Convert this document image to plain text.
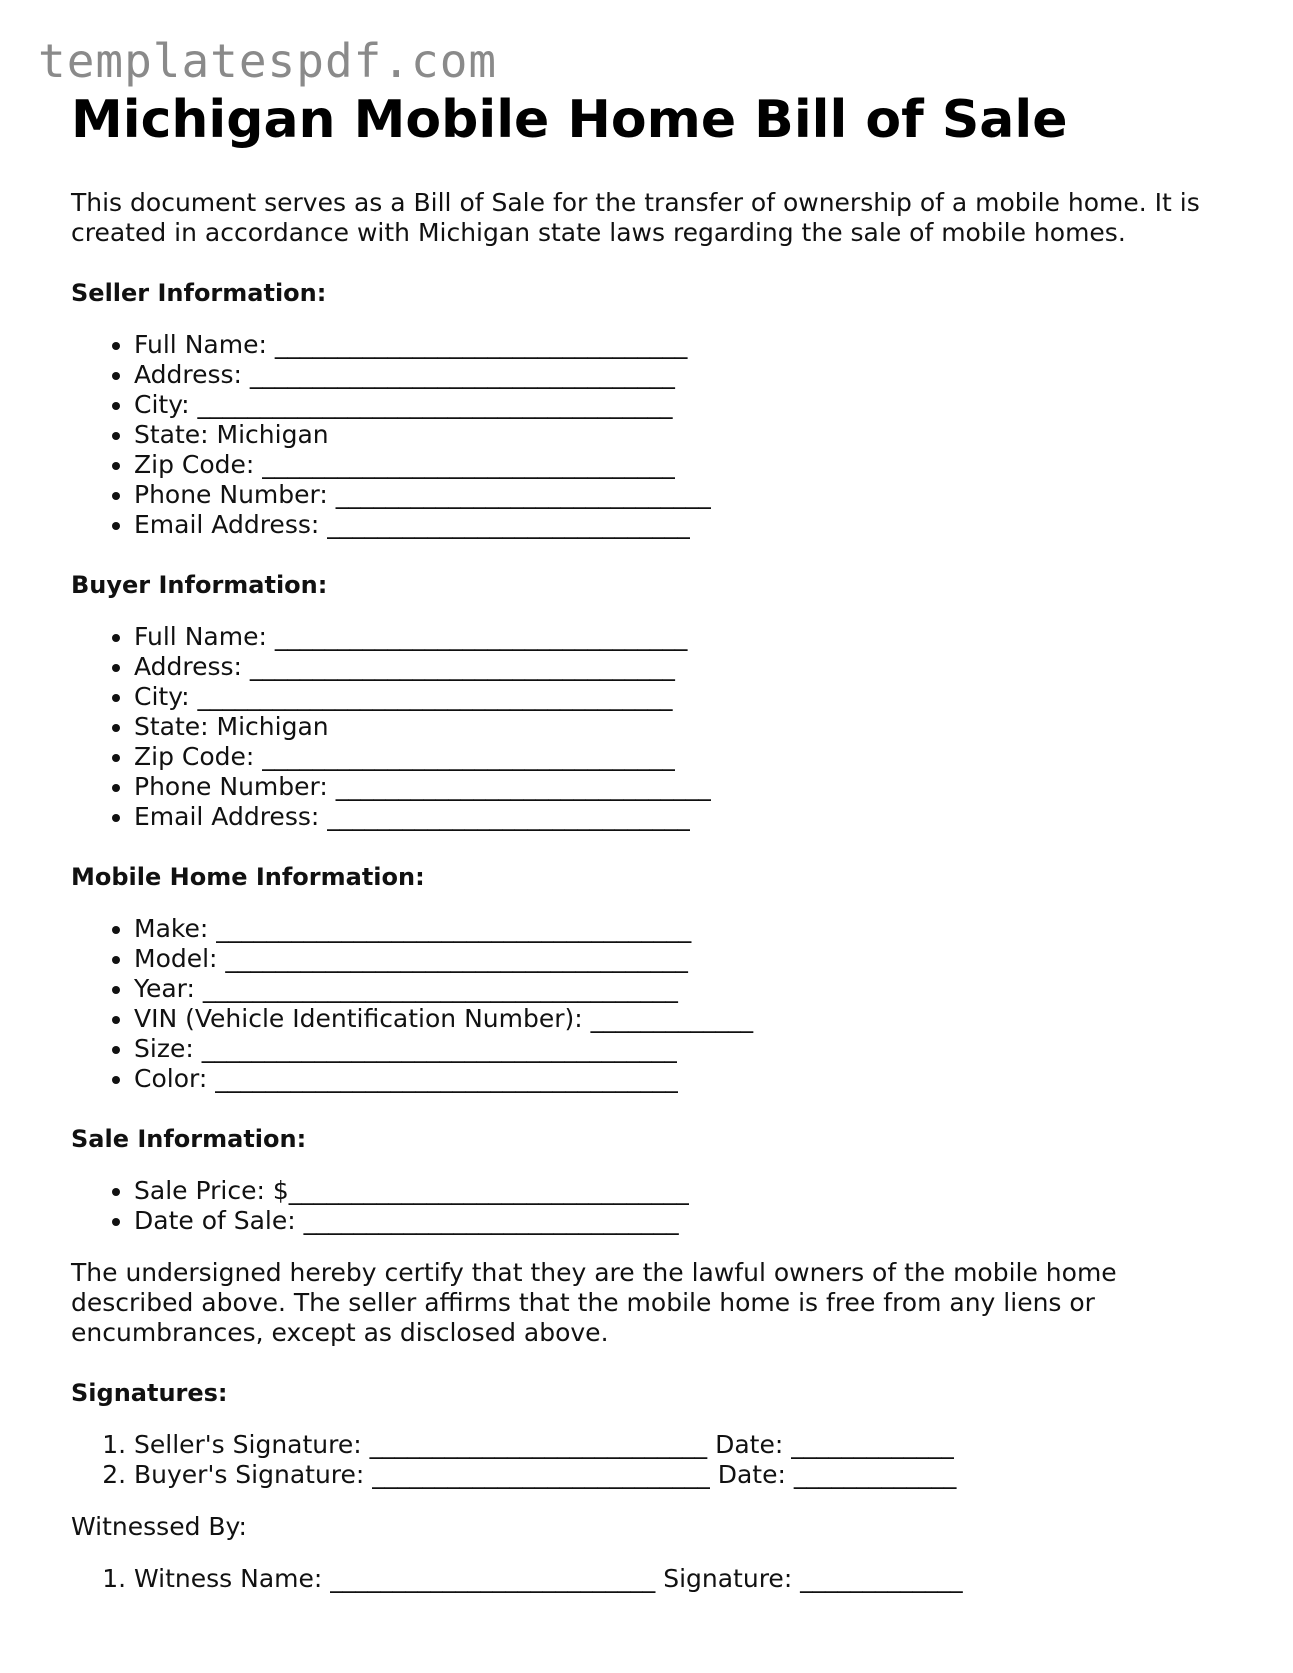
templatespdf.com
Michigan Mobile Home Bill of Sale

This document serves as a Bill of Sale for the transfer of ownership of a mobile home. It is created in accordance with Michigan state laws regarding the sale of mobile homes.

Seller Information:
• Full Name: _________________________________
• Address: __________________________________
• City: ______________________________________
• State: Michigan
• Zip Code: _________________________________
• Phone Number: ______________________________
• Email Address: _____________________________
Buyer Information:
• Full Name: _________________________________
• Address: __________________________________
• City: ______________________________________
• State: Michigan
• Zip Code: _________________________________
• Phone Number: ______________________________
• Email Address: _____________________________
Mobile Home Information:
• Make: ______________________________________
• Model: _____________________________________
• Year: ______________________________________
• VIN (Vehicle Identification Number): _____________
• Size: ______________________________________
• Color: _____________________________________
Sale Information:
• Sale Price: $________________________________
• Date of Sale: ______________________________

The undersigned hereby certify that they are the lawful owners of the mobile home described above. The seller affirms that the mobile home is free from any liens or encumbrances, except as disclosed above.

Signatures:
1. Seller's Signature: ___________________________ Date: _____________
2. Buyer's Signature: ___________________________ Date: _____________
Witnessed By:
1. Witness Name: __________________________ Signature: _____________
